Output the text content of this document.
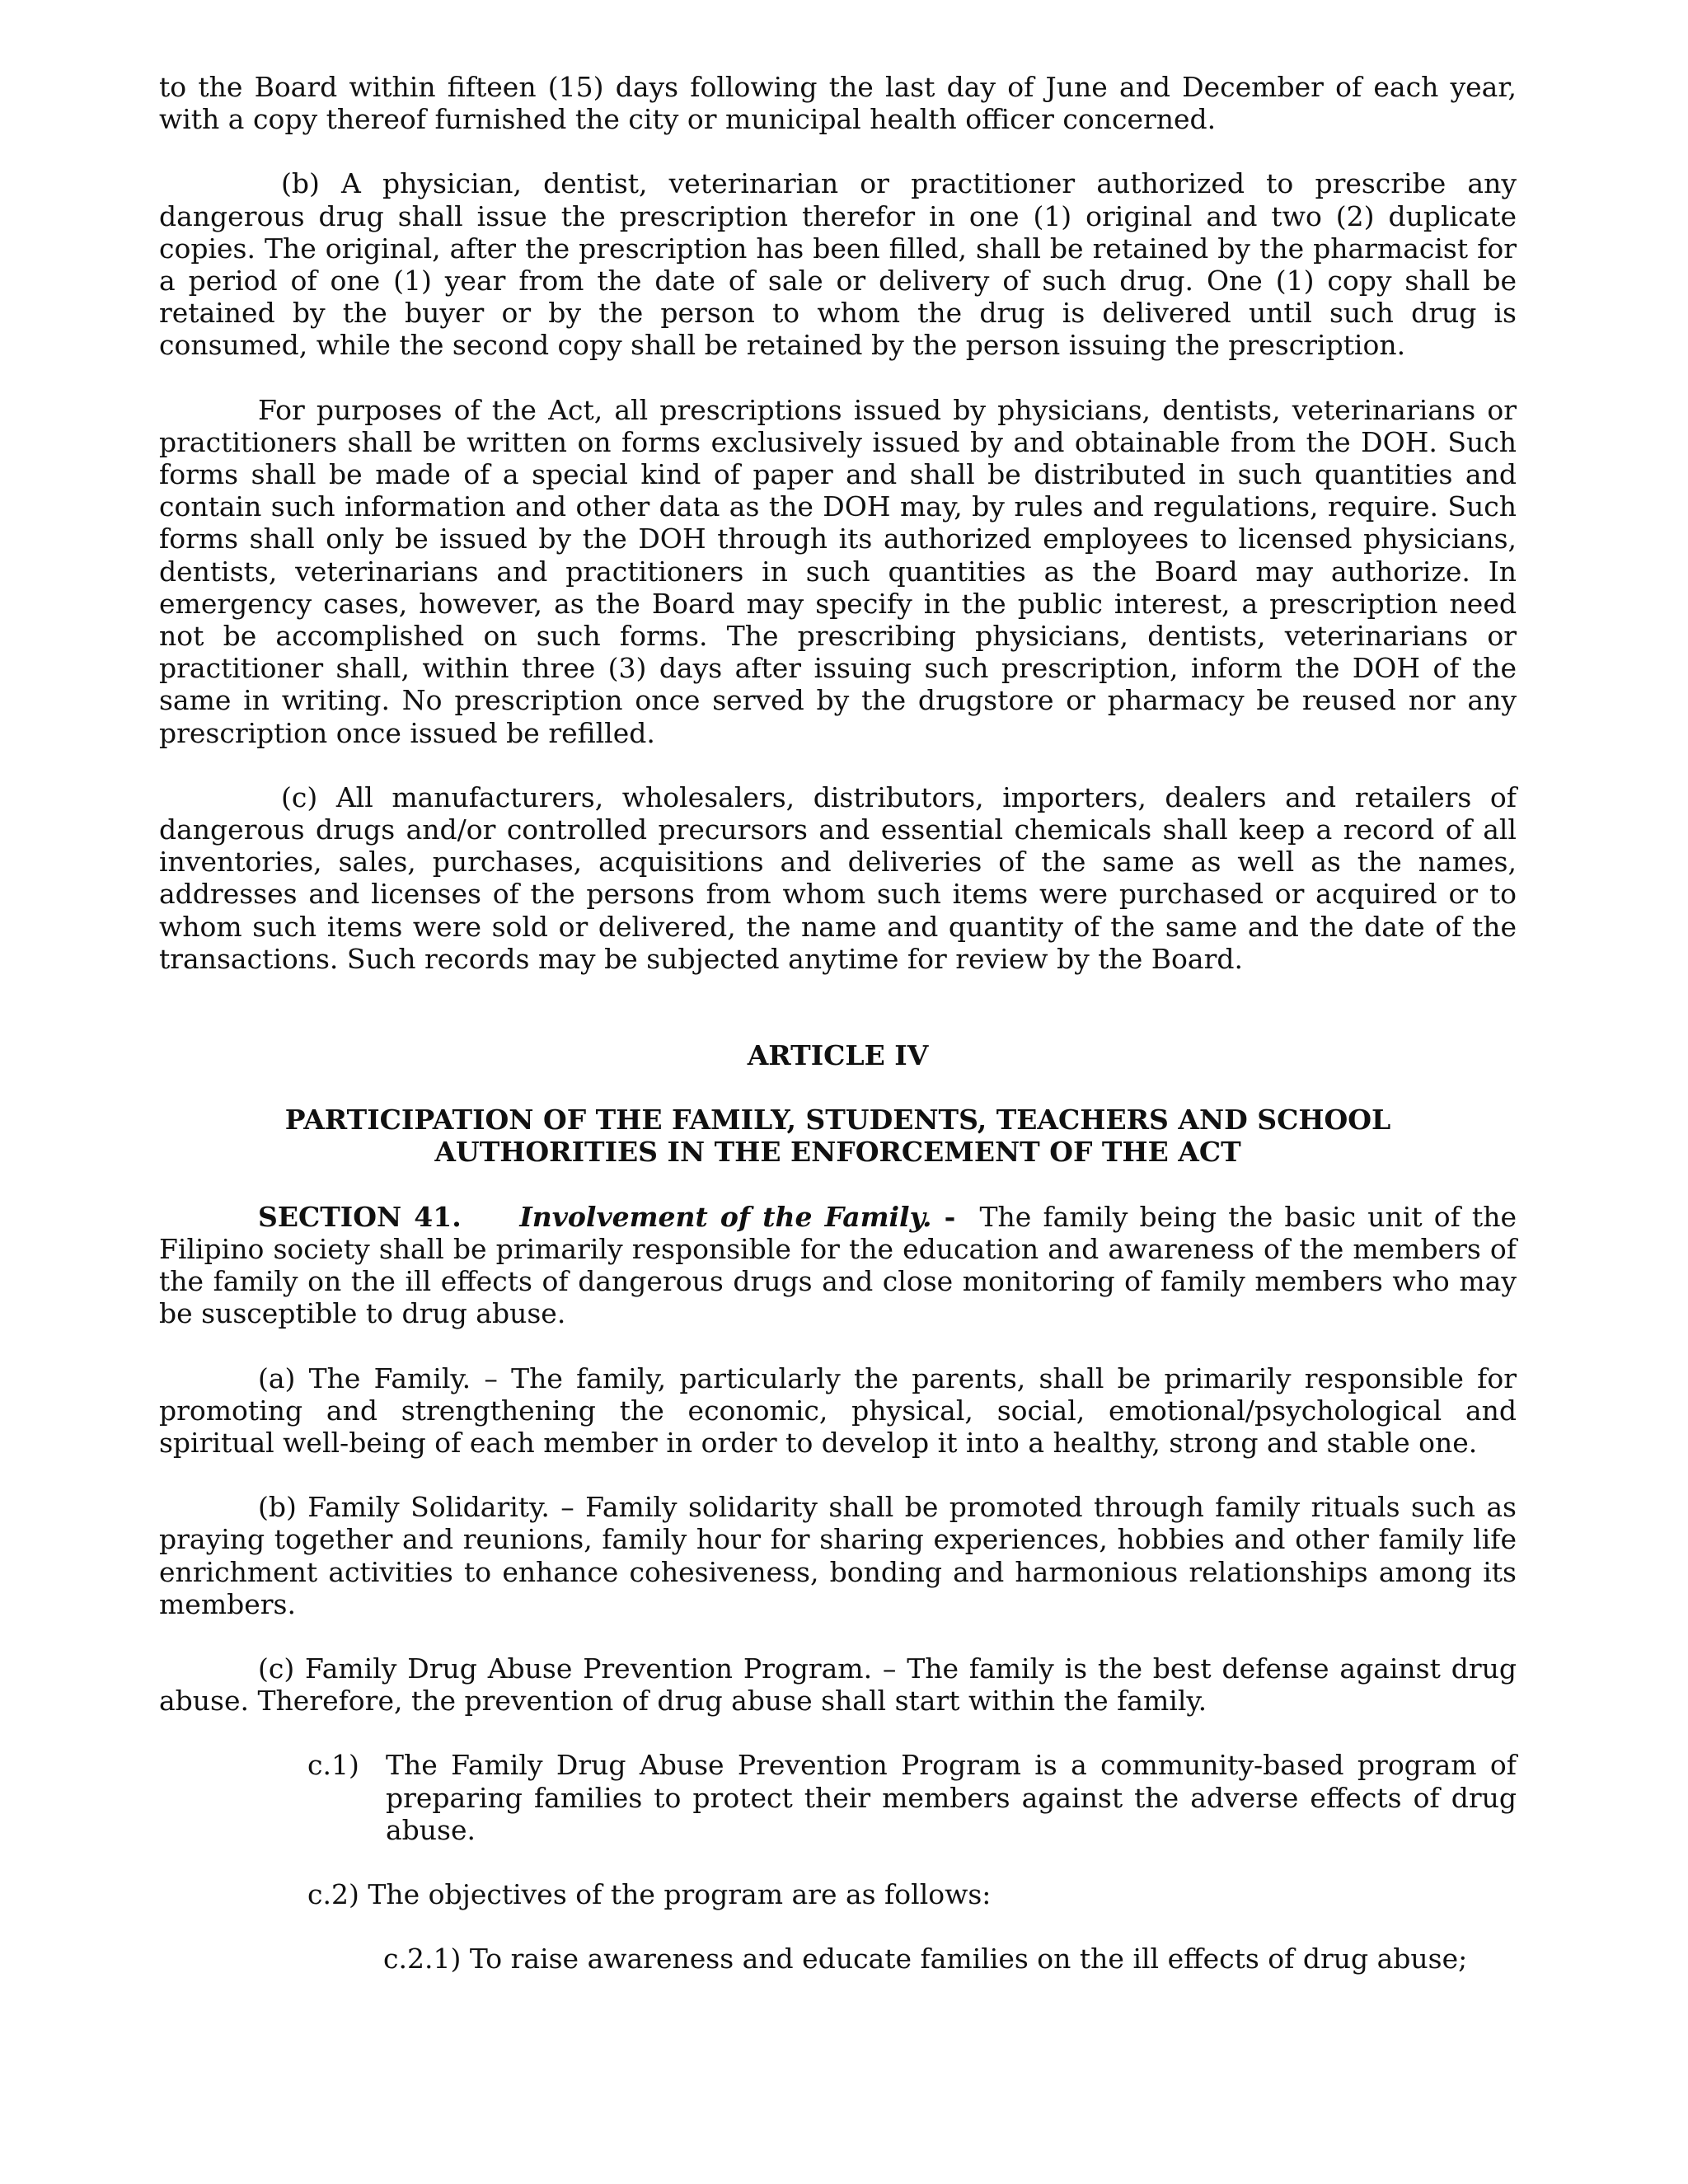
to the Board within fifteen (15) days following the last day of June and December of each year, with a copy thereof furnished the city or municipal health officer concerned.

(b) A physician, dentist, veterinarian or practitioner authorized to prescribe any dangerous drug shall issue the prescription therefor in one (1) original and two (2) duplicate copies. The original, after the prescription has been filled, shall be retained by the pharmacist for a period of one (1) year from the date of sale or delivery of such drug. One (1) copy shall be retained by the buyer or by the person to whom the drug is delivered until such drug is consumed, while the second copy shall be retained by the person issuing the prescription.

For purposes of the Act, all prescriptions issued by physicians, dentists, veterinarians or practitioners shall be written on forms exclusively issued by and obtainable from the DOH. Such forms shall be made of a special kind of paper and shall be distributed in such quantities and contain such information and other data as the DOH may, by rules and regulations, require. Such forms shall only be issued by the DOH through its authorized employees to licensed physicians, dentists, veterinarians and practitioners in such quantities as the Board may authorize. In emergency cases, however, as the Board may specify in the public interest, a prescription need not be accomplished on such forms. The prescribing physicians, dentists, veterinarians or practitioner shall, within three (3) days after issuing such prescription, inform the DOH of the same in writing. No prescription once served by the drugstore or pharmacy be reused nor any prescription once issued be refilled.

(c) All manufacturers, wholesalers, distributors, importers, dealers and retailers of dangerous drugs and/or controlled precursors and essential chemicals shall keep a record of all inventories, sales, purchases, acquisitions and deliveries of the same as well as the names, addresses and licenses of the persons from whom such items were purchased or acquired or to whom such items were sold or delivered, the name and quantity of the same and the date of the transactions. Such records may be subjected anytime for review by the Board.

ARTICLE IV

PARTICIPATION OF THE FAMILY, STUDENTS, TEACHERS AND SCHOOL
AUTHORITIES IN THE ENFORCEMENT OF THE ACT

SECTION 41. Involvement of the Family. -  The family being the basic unit of the Filipino society shall be primarily responsible for the education and awareness of the members of the family on the ill effects of dangerous drugs and close monitoring of family members who may be susceptible to drug abuse.

(a) The Family. – The family, particularly the parents, shall be primarily responsible for promoting and strengthening the economic, physical, social, emotional/psychological and spiritual well-being of each member in order to develop it into a healthy, strong and stable one.

(b) Family Solidarity. – Family solidarity shall be promoted through family rituals such as praying together and reunions, family hour for sharing experiences, hobbies and other family life enrichment activities to enhance cohesiveness, bonding and harmonious relationships among its members.

(c) Family Drug Abuse Prevention Program. – The family is the best defense against drug abuse. Therefore, the prevention of drug abuse shall start within the family.

c.1) The Family Drug Abuse Prevention Program is a community-based program of preparing families to protect their members against the adverse effects of drug abuse.

c.2) The objectives of the program are as follows:

c.2.1) To raise awareness and educate families on the ill effects of drug abuse;
